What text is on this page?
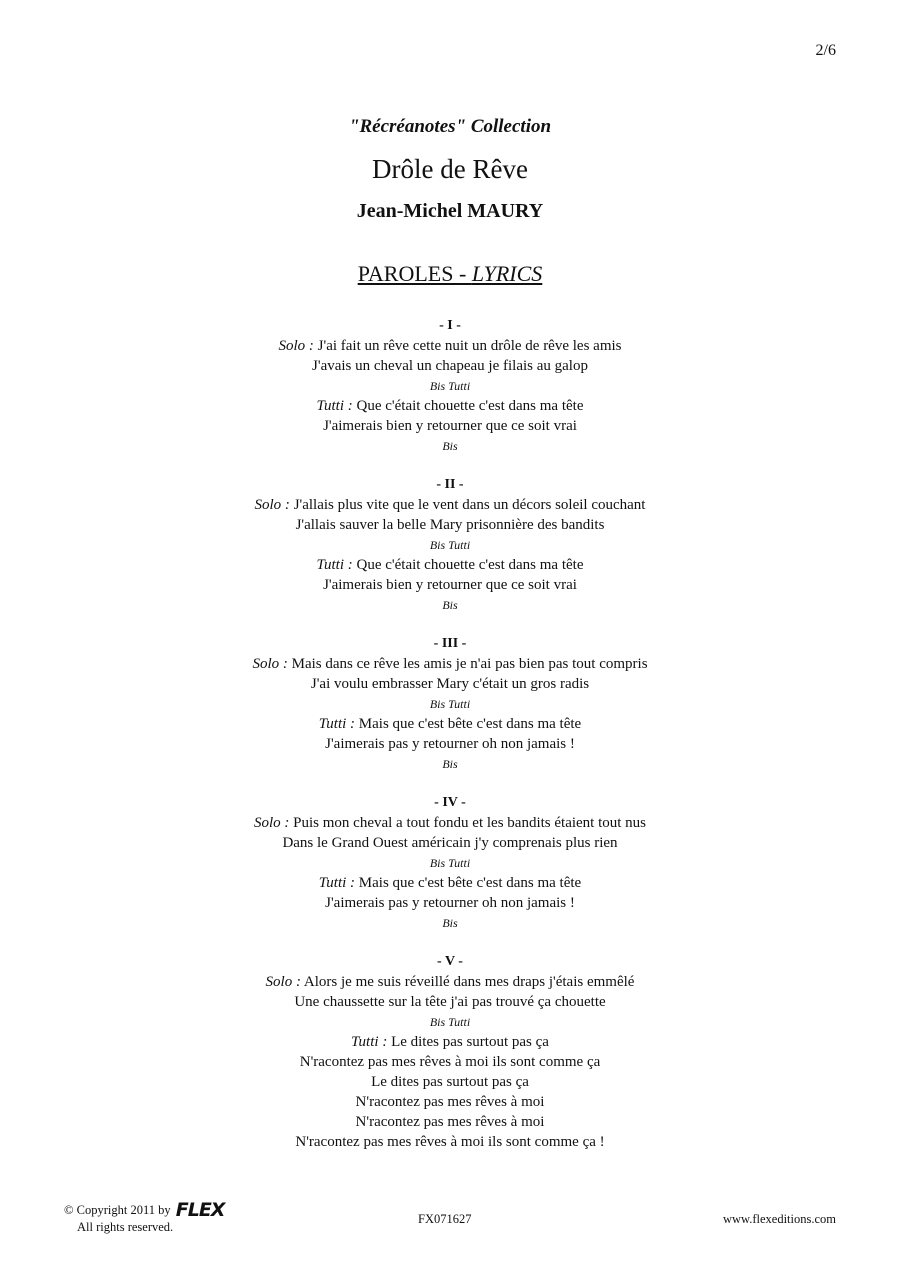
2/6
"Récréanotes" Collection
Drôle de Rêve
Jean-Michel MAURY
PAROLES - LYRICS
- I -
Solo : J'ai fait un rêve cette nuit un drôle de rêve les amis
J'avais un cheval un chapeau je filais au galop
Bis Tutti
Tutti : Que c'était chouette c'est dans ma tête
J'aimerais bien y retourner que ce soit vrai
Bis
- II -
Solo : J'allais plus vite que le vent dans un décors soleil couchant
J'allais sauver la belle Mary prisonnière des bandits
Bis Tutti
Tutti : Que c'était chouette c'est dans ma tête
J'aimerais bien y retourner que ce soit vrai
Bis
- III -
Solo : Mais dans ce rêve les amis je n'ai pas bien pas tout compris
J'ai voulu embrasser Mary c'était un gros radis
Bis Tutti
Tutti : Mais que c'est bête c'est dans ma tête
J'aimerais pas y retourner oh non jamais !
Bis
- IV -
Solo : Puis mon cheval a tout fondu et les bandits étaient tout nus
Dans le Grand Ouest américain j'y comprenais plus rien
Bis Tutti
Tutti : Mais que c'est bête c'est dans ma tête
J'aimerais pas y retourner oh non jamais !
Bis
- V -
Solo : Alors je me suis réveillé dans mes draps j'étais emmêlé
Une chaussette sur la tête j'ai pas trouvé ça chouette
Bis Tutti
Tutti : Le dites pas surtout pas ça
N'racontez pas mes rêves à moi ils sont comme ça
Le dites pas surtout pas ça
N'racontez pas mes rêves à moi
N'racontez pas mes rêves à moi
N'racontez pas mes rêves à moi ils sont comme ça !
© Copyright 2011 by FLEX
All rights reserved.
FX071627	www.flexeditions.com
